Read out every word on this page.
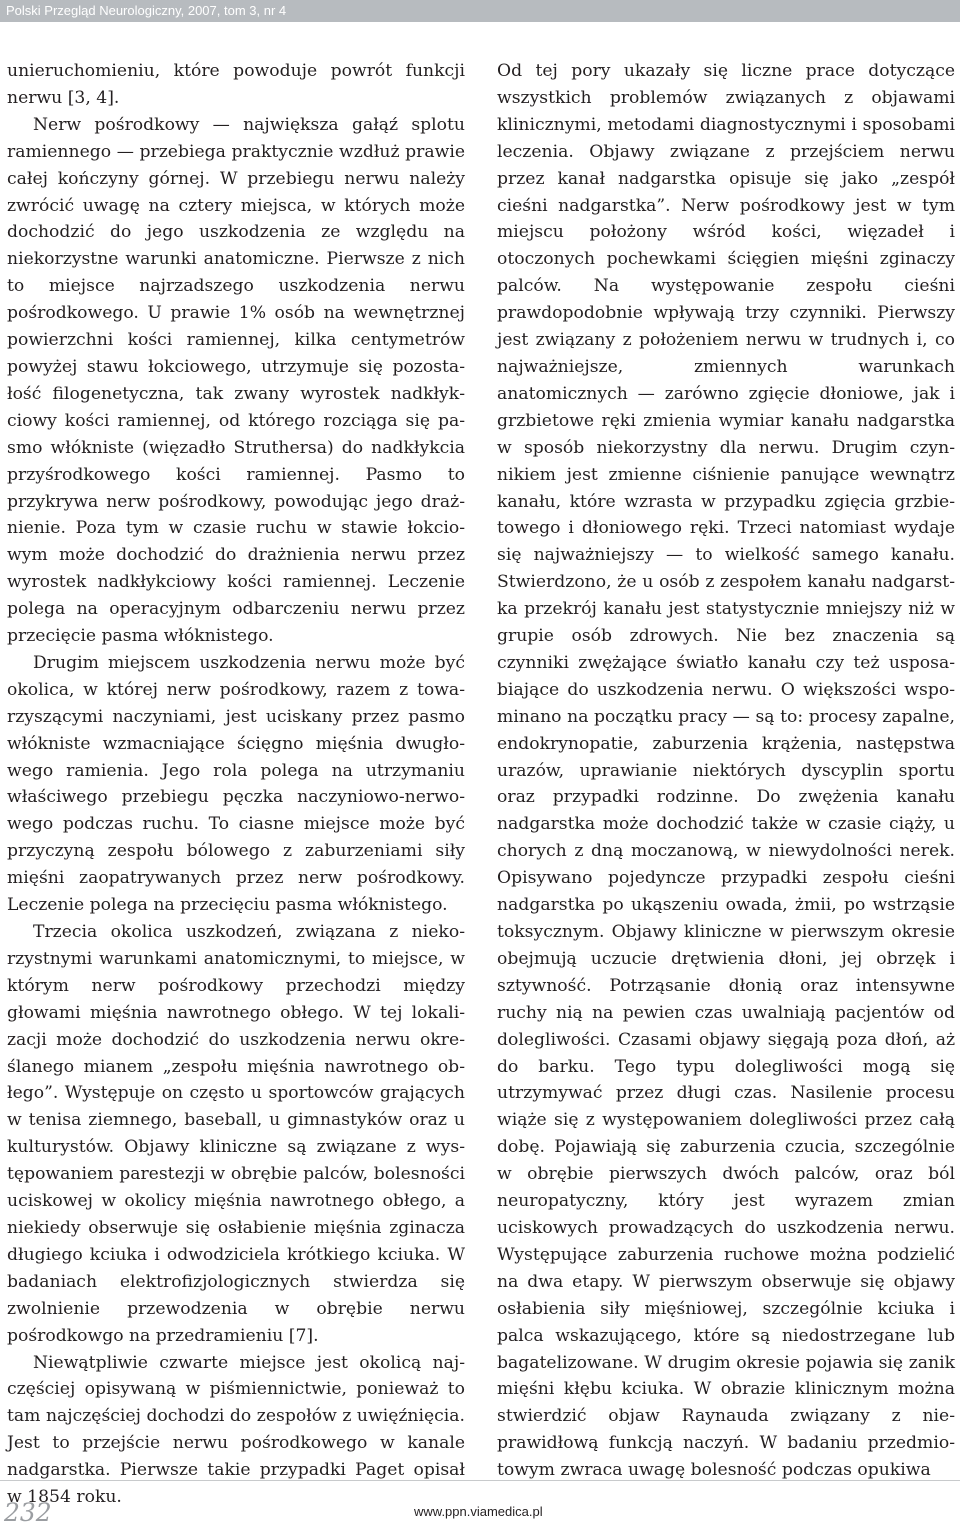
Polski Przegląd Neurologiczny, 2007, tom 3, nr 4

unieruchomieniu, które powoduje powrót funkcji nerwu [3, 4].

Nerw pośrodkowy — największa gałąź splotu ramiennego — przebiega praktycznie wzdłuż prawie całej kończyny górnej. W przebiegu nerwu należy zwrócić uwagę na cztery miejsca, w których może dochodzić do jego uszkodzenia ze względu na niekorzystne warunki anatomiczne. Pierwsze z nich to miejsce najrzadszego uszkodzenia nerwu pośrodkowego. U prawie 1% osób na wewnętrznej powierzchni kości ramiennej, kilka centymetrów powyżej stawu łokciowego, utrzymuje się pozostałość filogenetyczna, tak zwany wyrostek nadkłykciowy kości ramiennej, od którego rozciąga się pasmo włókniste (więzadło Struthersa) do nadkłykcia przyśrodkowego kości ramiennej. Pasmo to przykrywa nerw pośrodkowy, powodując jego drażnienie. Poza tym w czasie ruchu w stawie łokciowym może dochodzić do drażnienia nerwu przez wyrostek nadkłykciowy kości ramiennej. Leczenie polega na operacyjnym odbarczeniu nerwu przez przecięcie pasma włóknistego.

Drugim miejscem uszkodzenia nerwu może być okolica, w której nerw pośrodkowy, razem z towarzyszącymi naczyniami, jest uciskany przez pasmo włókniste wzmacniające ścięgno mięśnia dwugłowego ramienia. Jego rola polega na utrzymaniu właściwego przebiegu pęczka naczyniowo-nerwowego podczas ruchu. To ciasne miejsce może być przyczyną zespołu bólowego z zaburzeniami siły mięśni zaopatrywanych przez nerw pośrodkowy. Leczenie polega na przecięciu pasma włóknistego.

Trzecia okolica uszkodzeń, związana z niekorzystnymi warunkami anatomicznymi, to miejsce, w którym nerw pośrodkowy przechodzi między głowami mięśnia nawrotnego obłego. W tej lokalizacji może dochodzić do uszkodzenia nerwu określanego mianem „zespołu mięśnia nawrotnego obłego”. Występuje on często u sportowców grających w tenisa ziemnego, baseball, u gimnastyków oraz u kulturystów. Objawy kliniczne są związane z występowaniem parestezji w obrębie palców, bolesności uciskowej w okolicy mięśnia nawrotnego obłego, a niekiedy obserwuje się osłabienie mięśnia zginacza długiego kciuka i odwodziciela krótkiego kciuka. W badaniach elektrofizjologicznych stwierdza się zwolnienie przewodzenia w obrębie nerwu pośrodkowgo na przedramieniu [7].

Niewątpliwie czwarte miejsce jest okolicą najczęściej opisywaną w piśmiennictwie, ponieważ to tam najczęściej dochodzi do zespołów z uwięźnięcia. Jest to przejście nerwu pośrodkowego w kanale nadgarstka. Pierwsze takie przypadki Paget opisał w 1854 roku.

Od tej pory ukazały się liczne prace dotyczące wszystkich problemów związanych z objawami klinicznymi, metodami diagnostycznymi i sposobami leczenia. Objawy związane z przejściem nerwu przez kanał nadgarstka opisuje się jako „zespół cieśni nadgarstka”. Nerw pośrodkowy jest w tym miejscu położony wśród kości, więzadeł i otoczonych pochewkami ścięgien mięśni zginaczy palców. Na występowanie zespołu cieśni prawdopodobnie wpływają trzy czynniki. Pierwszy jest związany z położeniem nerwu w trudnych i, co najważniejsze, zmiennych warunkach anatomicznych — zarówno zgięcie dłoniowe, jak i grzbietowe ręki zmienia wymiar kanału nadgarstka w sposób niekorzystny dla nerwu. Drugim czynnikiem jest zmienne ciśnienie panujące wewnątrz kanału, które wzrasta w przypadku zgięcia grzbietowego i dłoniowego ręki. Trzeci natomiast wydaje się najważniejszy — to wielkość samego kanału. Stwierdzono, że u osób z zespołem kanału nadgarstka przekrój kanału jest statystycznie mniejszy niż w grupie osób zdrowych. Nie bez znaczenia są czynniki zwężające światło kanału czy też usposabiające do uszkodzenia nerwu. O większości wspominano na początku pracy — są to: procesy zapalne, endokrynopatie, zaburzenia krążenia, następstwa urazów, uprawianie niektórych dyscyplin sportu oraz przypadki rodzinne. Do zwężenia kanału nadgarstka może dochodzić także w czasie ciąży, u chorych z dną moczanową, w niewydolności nerek. Opisywano pojedyncze przypadki zespołu cieśni nadgarstka po ukąszeniu owada, żmii, po wstrząsie toksycznym. Objawy kliniczne w pierwszym okresie obejmują uczucie drętwienia dłoni, jej obrzęk i sztywność. Potrząsanie dłonią oraz intensywne ruchy nią na pewien czas uwalniają pacjentów od dolegliwości. Czasami objawy sięgają poza dłoń, aż do barku. Tego typu dolegliwości mogą się utrzymywać przez długi czas. Nasilenie procesu wiąże się z występowaniem dolegliwości przez całą dobę. Pojawiają się zaburzenia czucia, szczególnie w obrębie pierwszych dwóch palców, oraz ból neuropatyczny, który jest wyrazem zmian uciskowych prowadzących do uszkodzenia nerwu. Występujące zaburzenia ruchowe można podzielić na dwa etapy. W pierwszym obserwuje się objawy osłabienia siły mięśniowej, szczególnie kciuka i palca wskazującego, które są niedostrzegane lub bagatelizowane. W drugim okresie pojawia się zanik mięśni kłębu kciuka. W obrazie klinicznym można stwierdzić objaw Raynauda związany z nieprawidłową funkcją naczyń. W badaniu przedmiotowym zwraca uwagę bolesność podczas opukiwa

232	www.ppn.viamedica.pl
